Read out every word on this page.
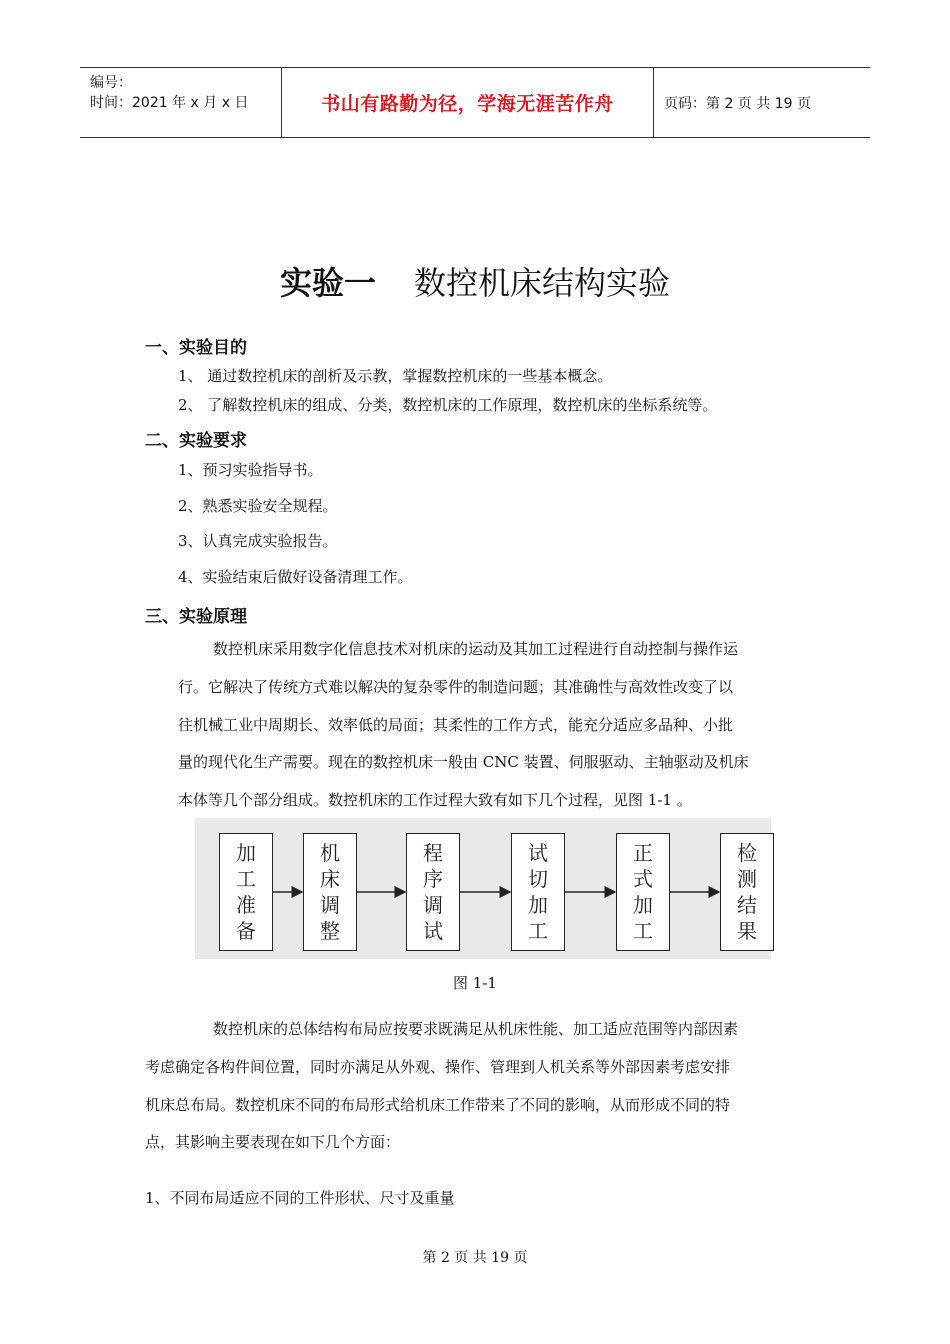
编号：
时间：2021 年 x 月 x 日	书山有路勤为径，学海无涯苦作舟	页码：第 2 页 共 19 页
实验一 数控机床结构实验
一、实验目的
1、 通过数控机床的剖析及示教，掌握数控机床的一些基本概念。
2、 了解数控机床的组成、分类，数控机床的工作原理，数控机床的坐标系统等。
二、实验要求
1、预习实验指导书。
2、熟悉实验安全规程。
3、认真完成实验报告。
4、实验结束后做好设备清理工作。
三、实验原理
数控机床采用数字化信息技术对机床的运动及其加工过程进行自动控制与操作运
行。它解决了传统方式难以解决的复杂零件的制造问题；其准确性与高效性改变了以
往机械工业中周期长、效率低的局面；其柔性的工作方式，能充分适应多品种、小批
量的现代化生产需要。现在的数控机床一般由 CNC 装置、伺服驱动、主轴驱动及机床
本体等几个部分组成。数控机床的工作过程大致有如下几个过程，见图 1-1 。
加
工
准
备
机
床
调
整
程
序
调
试
试
切
加
工
正
式
加
工
检
测
结
果
图 1-1
数控机床的总体结构布局应按要求既满足从机床性能、加工适应范围等内部因素
考虑确定各构件间位置，同时亦满足从外观、操作、管理到人机关系等外部因素考虑安排
机床总布局。数控机床不同的布局形式给机床工作带来了不同的影响，从而形成不同的特
点，其影响主要表现在如下几个方面：
1、不同布局适应不同的工件形状、尺寸及重量
第 2 页 共 19 页
